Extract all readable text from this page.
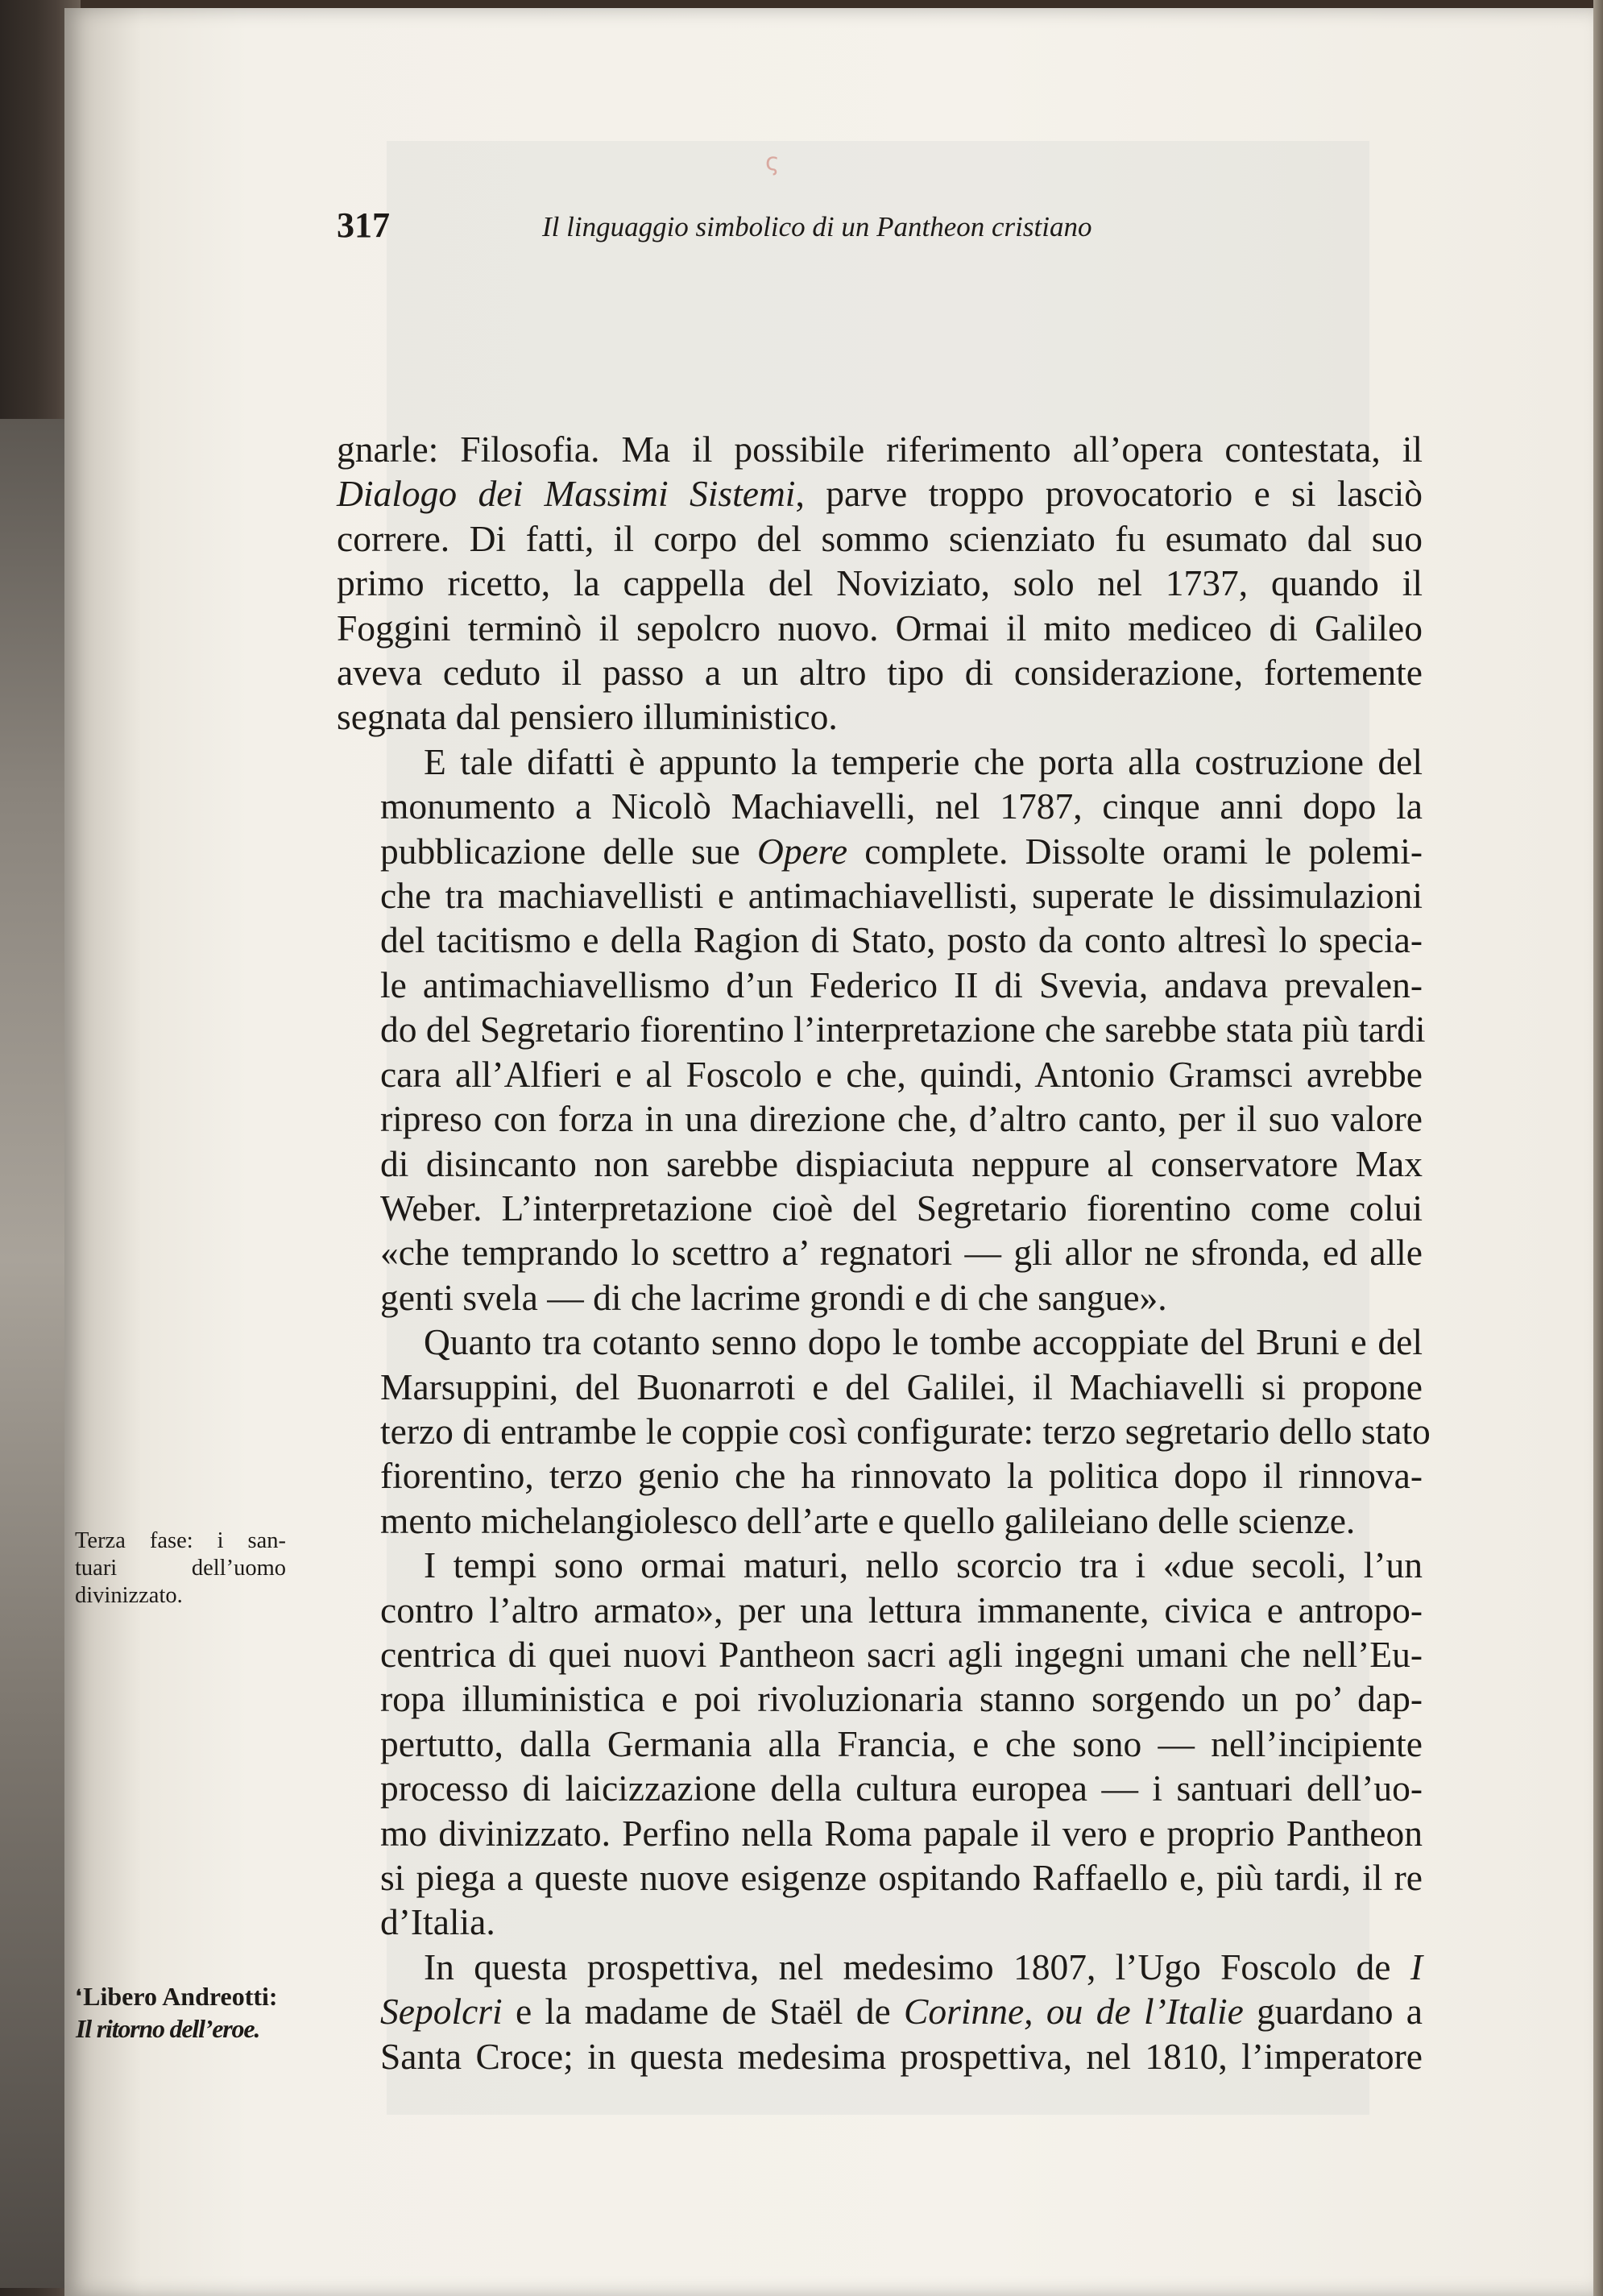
ς
317	Il linguaggio simbolico di un Pantheon cristiano

gnarle: Filosofia. Ma il possibile riferimento all’opera contestata, il
Dialogo dei Massimi Sistemi, parve troppo provocatorio e si lasciò
correre. Di fatti, il corpo del sommo scienziato fu esumato dal suo
primo ricetto, la cappella del Noviziato, solo nel 1737, quando il
Foggini terminò il sepolcro nuovo. Ormai il mito mediceo di Galileo
aveva ceduto il passo a un altro tipo di considerazione, fortemente
segnata dal pensiero illuministico.

E tale difatti è appunto la temperie che porta alla costruzione del
monumento a Nicolò Machiavelli, nel 1787, cinque anni dopo la
pubblicazione delle sue Opere complete. Dissolte orami le polemi-
che tra machiavellisti e antimachiavellisti, superate le dissimulazioni
del tacitismo e della Ragion di Stato, posto da conto altresì lo specia-
le antimachiavellismo d’un Federico II di Svevia, andava prevalen-
do del Segretario fiorentino l’interpretazione che sarebbe stata più tardi
cara all’Alfieri e al Foscolo e che, quindi, Antonio Gramsci avrebbe
ripreso con forza in una direzione che, d’altro canto, per il suo valore
di disincanto non sarebbe dispiaciuta neppure al conservatore Max
Weber. L’interpretazione cioè del Segretario fiorentino come colui
«che temprando lo scettro a’ regnatori — gli allor ne sfronda, ed alle
genti svela — di che lacrime grondi e di che sangue».

Quanto tra cotanto senno dopo le tombe accoppiate del Bruni e del
Marsuppini, del Buonarroti e del Galilei, il Machiavelli si propone
terzo di entrambe le coppie così configurate: terzo segretario dello stato
fiorentino, terzo genio che ha rinnovato la politica dopo il rinnova-
mento michelangiolesco dell’arte e quello galileiano delle scienze.

I tempi sono ormai maturi, nello scorcio tra i «due secoli, l’un
contro l’altro armato», per una lettura immanente, civica e antropo-
centrica di quei nuovi Pantheon sacri agli ingegni umani che nell’Eu-
ropa illuministica e poi rivoluzionaria stanno sorgendo un po’ dap-
pertutto, dalla Germania alla Francia, e che sono — nell’incipiente
processo di laicizzazione della cultura europea — i santuari dell’uo-
mo divinizzato. Perfino nella Roma papale il vero e proprio Pantheon
si piega a queste nuove esigenze ospitando Raffaello e, più tardi, il re
d’Italia.

In questa prospettiva, nel medesimo 1807, l’Ugo Foscolo de I
Sepolcri e la madame de Staël de Corinne, ou de l’Italie guardano a
Santa Croce; in questa medesima prospettiva, nel 1810, l’imperatore

Terza fase: i san-
tuari dell’uomo
divinizzato.
❛Libero Andreotti:
Il ritorno dell’eroe.
